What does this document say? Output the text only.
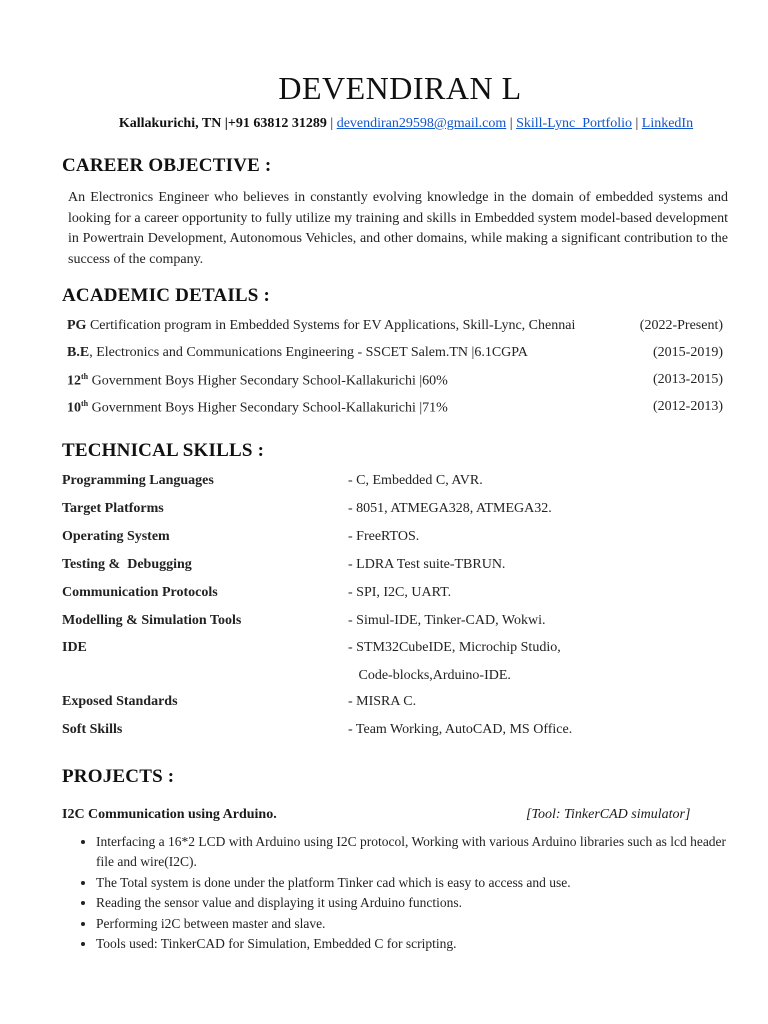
DEVENDIRAN L
Kallakurichi, TN |+91 63812 31289 | devendiran29598@gmail.com | Skill-Lync_Portfolio | LinkedIn
CAREER OBJECTIVE :
An Electronics Engineer who believes in constantly evolving knowledge in the domain of embedded systems and looking for a career opportunity to fully utilize my training and skills in Embedded system model-based development in Powertrain Development, Autonomous Vehicles, and other domains, while making a significant contribution to the success of the company.
ACADEMIC DETAILS :
PG Certification program in Embedded Systems for EV Applications, Skill-Lync, Chennai	(2022-Present)
B.E, Electronics and Communications Engineering - SSCET Salem.TN |6.1CGPA	(2015-2019)
12th Government Boys Higher Secondary School-Kallakurichi |60%	(2013-2015)
10th Government Boys Higher Secondary School-Kallakurichi |71%	(2012-2013)
TECHNICAL SKILLS :
Programming Languages	- C, Embedded C, AVR.
Target Platforms	- 8051, ATMEGA328, ATMEGA32.
Operating System	- FreeRTOS.
Testing &  Debugging	- LDRA Test suite-TBRUN.
Communication Protocols	- SPI, I2C, UART.
Modelling & Simulation Tools	- Simul-IDE, Tinker-CAD, Wokwi.
IDE	- STM32CubeIDE, Microchip Studio,
Code-blocks,Arduino-IDE.
Exposed Standards	- MISRA C.
Soft Skills	- Team Working, AutoCAD, MS Office.
PROJECTS :
I2C Communication using Arduino.	[Tool: TinkerCAD simulator]
• Interfacing a 16*2 LCD with Arduino using I2C protocol, Working with various Arduino libraries such as lcd header file and wire(I2C).
• The Total system is done under the platform Tinker cad which is easy to access and use.
• Reading the sensor value and displaying it using Arduino functions.
• Performing i2C between master and slave.
• Tools used: TinkerCAD for Simulation, Embedded C for scripting.
